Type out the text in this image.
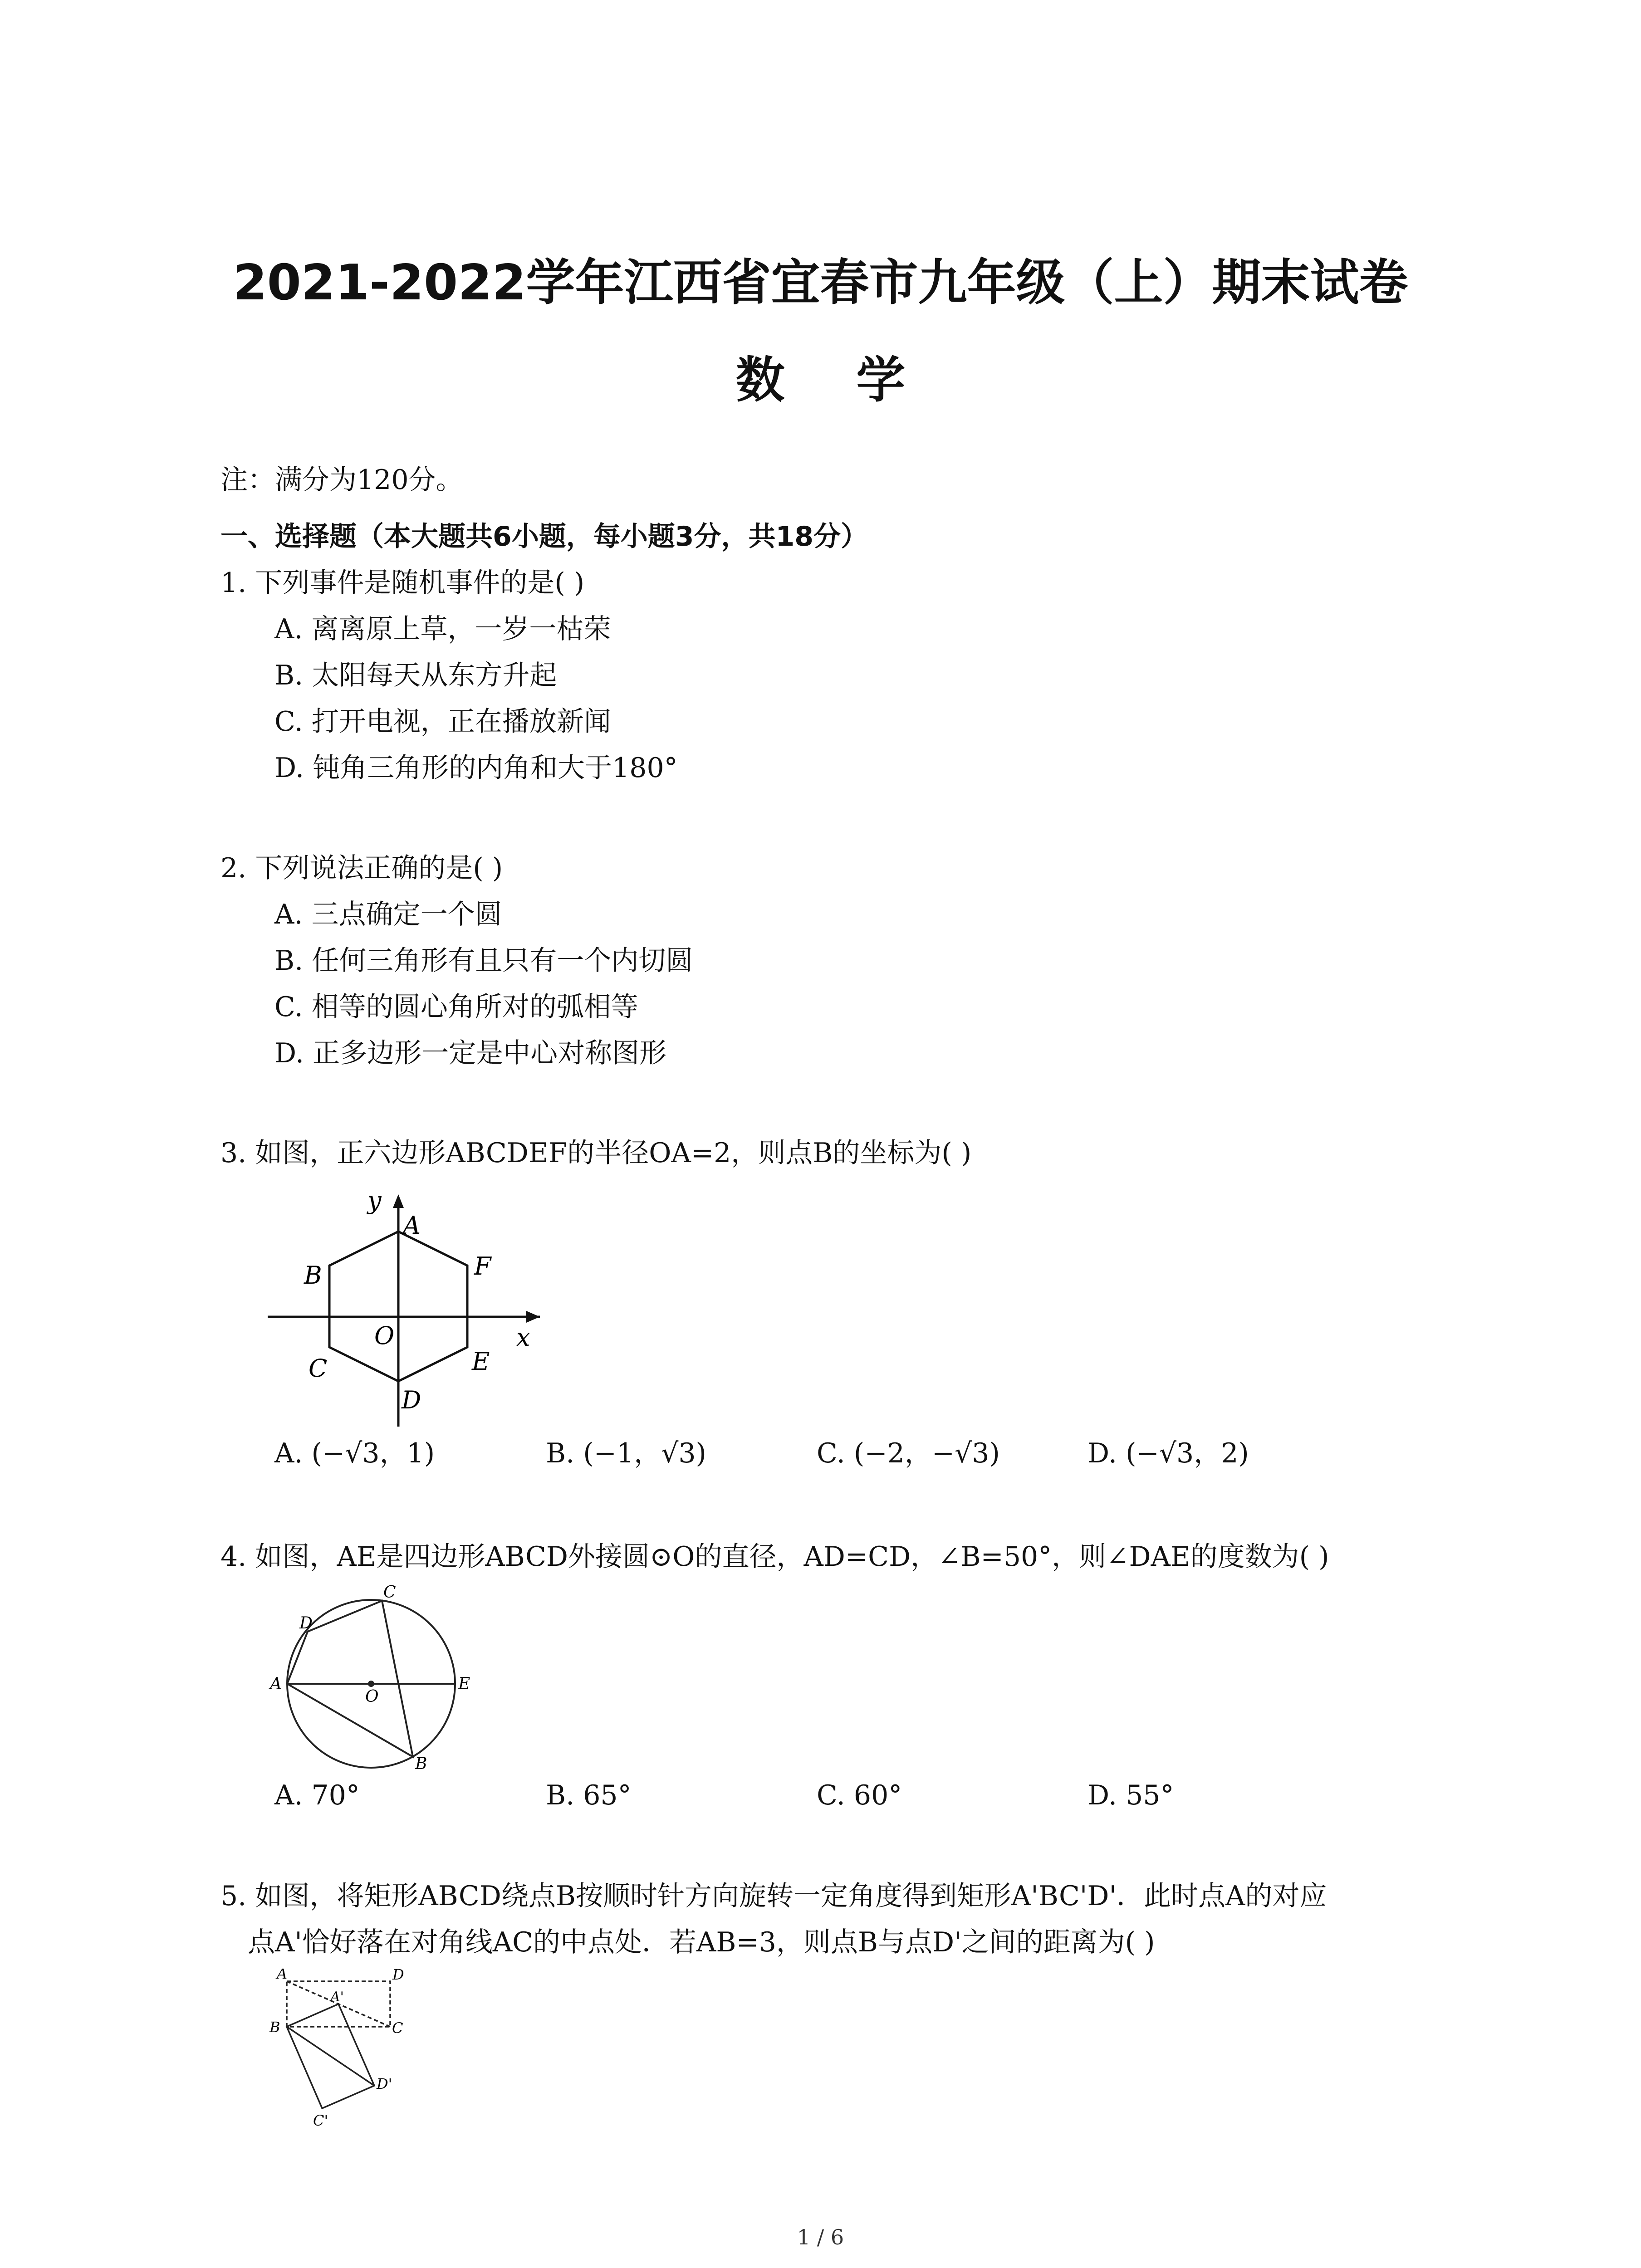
2021-2022学年江西省宜春市九年级（上）期末试卷
数 学
注：满分为120分。
一、选择题（本大题共6小题，每小题3分，共18分）
1. 下列事件是随机事件的是( )
A. 离离原上草，一岁一枯荣
B. 太阳每天从东方升起
C. 打开电视，正在播放新闻
D. 钝角三角形的内角和大于180°
2. 下列说法正确的是( )
A. 三点确定一个圆
B. 任何三角形有且只有一个内切圆
C. 相等的圆心角所对的弧相等
D. 正多边形一定是中心对称图形
3. 如图，正六边形ABCDEF的半径OA=2，则点B的坐标为( )
y
A
B	F
O	x
C	E
D
A. (−√3，1)	B. (−1，√3)	C. (−2，−√3)	D. (−√3，2)
4. 如图，AE是四边形ABCD外接圆⊙O的直径，AD=CD，∠B=50°，则∠DAE的度数为( )
C
D
A
O
E
B
A. 70°	B. 65°	C. 60°	D. 55°
5. 如图，将矩形ABCD绕点B按顺时针方向旋转一定角度得到矩形A'BC'D'．此时点A的对应
点A'恰好落在对角线AC的中点处．若AB=3，则点B与点D'之间的距离为( )
A	D
A'
B	C
D'
C'
1 / 6
